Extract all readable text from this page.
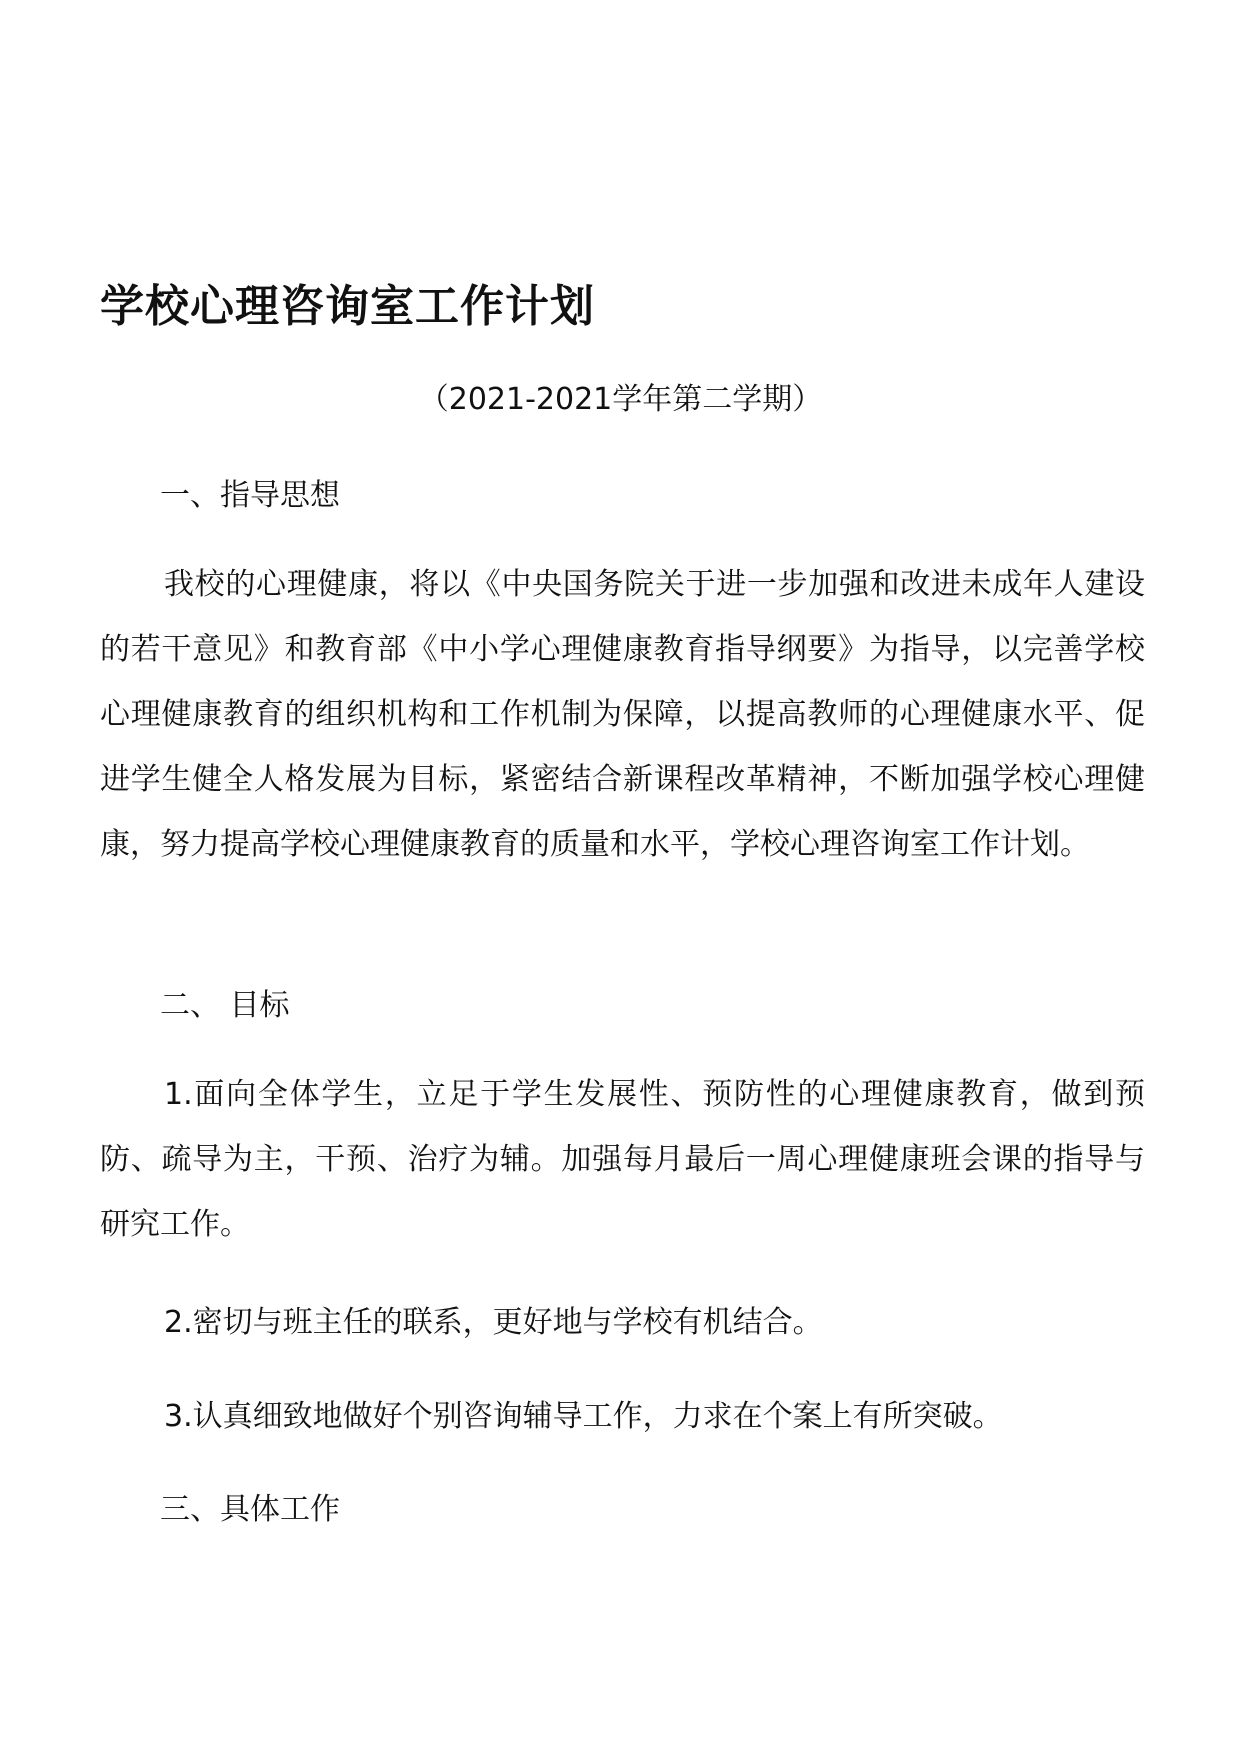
学校心理咨询室工作计划
（2021-2021学年第二学期）
一、指导思想

我校的心理健康，将以《中央国务院关于进一步加强和改进未成年人建设的若干意见》和教育部《中小学心理健康教育指导纲要》为指导，以完善学校心理健康教育的组织机构和工作机制为保障，以提高教师的心理健康水平、促进学生健全人格发展为目标，紧密结合新课程改革精神，不断加强学校心理健康，努力提高学校心理健康教育的质量和水平，学校心理咨询室工作计划。

二、 目标

1.面向全体学生，立足于学生发展性、预防性的心理健康教育，做到预防、疏导为主，干预、治疗为辅。加强每月最后一周心理健康班会课的指导与研究工作。

2.密切与班主任的联系，更好地与学校有机结合。
3.认真细致地做好个别咨询辅导工作，力求在个案上有所突破。
三、具体工作
